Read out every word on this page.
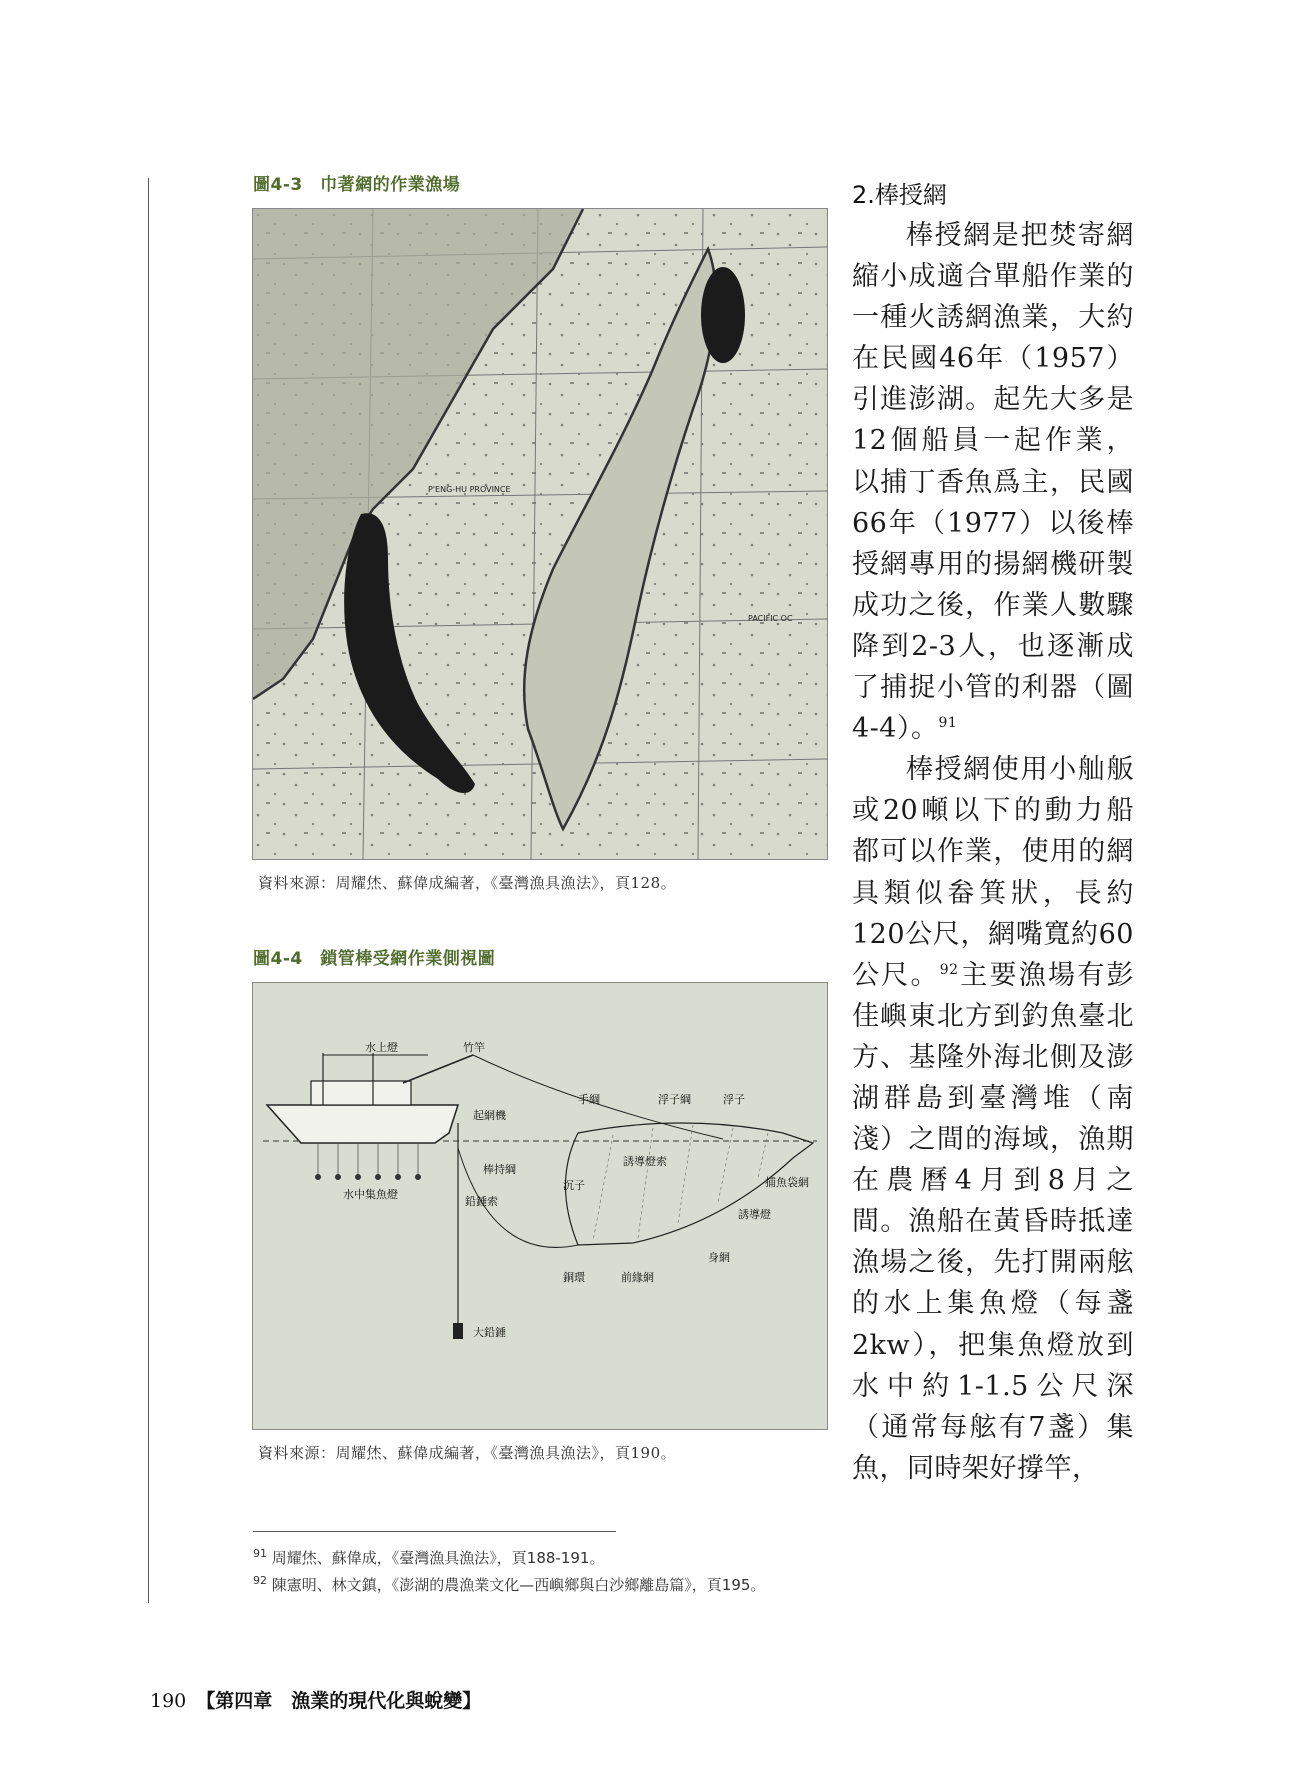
圖4-3　巾著網的作業漁場
P'ENG-HU PROVINCE
PACIFIC OC
資料來源：周耀烋、蘇偉成編著，《臺灣漁具漁法》，頁128。
圖4-4　鎖管棒受網作業側視圖
水上燈	竹竿
手綱	浮子綱	浮子
起網機
誘導燈索
棒持綱
沉子	捕魚袋網
鉛錘索
誘導燈
水中集魚燈
身網
銅環	前緣網
大鉛錘
資料來源：周耀烋、蘇偉成編著，《臺灣漁具漁法》，頁190。
2.棒授網

棒授網是把焚寄網縮小成適合單船作業的一種火誘網漁業，大約在民國46年（1957）引進澎湖。起先大多是12個船員一起作業，以捕丁香魚爲主，民國66年（1977）以後棒授網專用的揚網機研製成功之後，作業人數驟降到2-3人，也逐漸成了捕捉小管的利器（圖4-4）。$^{91}$

棒授網使用小舢舨或20噸以下的動力船都可以作業，使用的網具類似畚箕狀，長約120公尺，網嘴寬約60公尺。$^{92}$主要漁場有彭佳嶼東北方到釣魚臺北方、基隆外海北側及澎湖群島到臺灣堆（南淺）之間的海域，漁期在農曆4月到8月之間。漁船在黃昏時抵達漁場之後，先打開兩舷的水上集魚燈（每盞2kw），把集魚燈放到水中約1-1.5公尺深（通常每舷有7盞）集魚，同時架好撐竿，

$^{91}$ 周耀烋、蘇偉成，《臺灣漁具漁法》，頁188-191。
$^{92}$ 陳憲明、林文鎮，《澎湖的農漁業文化—西嶼鄉與白沙鄉離島篇》，頁195。
190 【第四章　漁業的現代化與蛻變】
